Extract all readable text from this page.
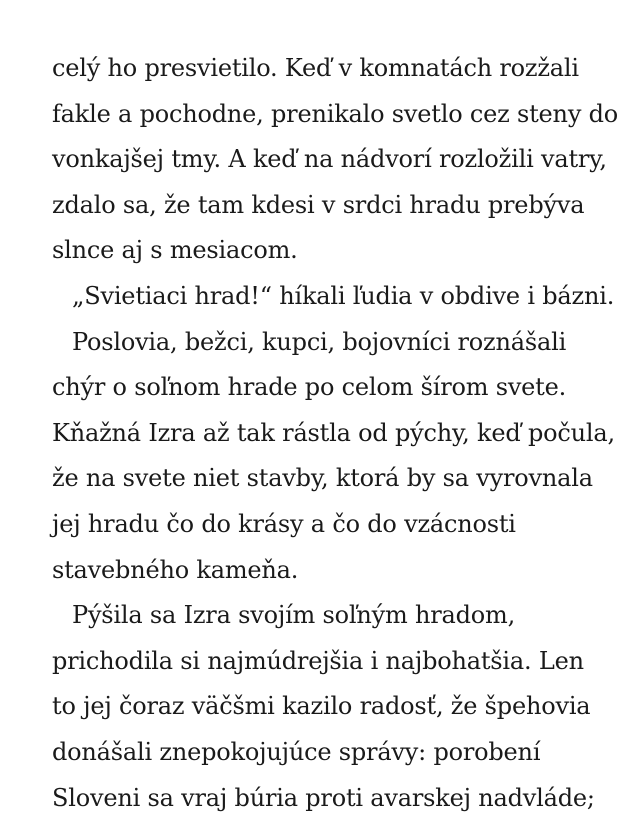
celý ho presvietilo. Keď v komnatách rozžali
fakle a pochodne, prenikalo svetlo cez steny do
vonkajšej tmy. A keď na nádvorí rozložili vatry,
zdalo sa, že tam kdesi v srdci hradu prebýva
slnce aj s mesiacom.
„Svietiaci hrad!“ híkali ľudia v obdive i bázni.
Poslovia, bežci, kupci, bojovníci roznášali
chýr o soľnom hrade po celom šírom svete.
Kňažná Izra až tak rástla od pýchy, keď počula,
že na svete niet stavby, ktorá by sa vyrovnala
jej hradu čo do krásy a čo do vzácnosti
stavebného kameňa.
Pýšila sa Izra svojím soľným hradom,
prichodila si najmúdrejšia i najbohatšia. Len
to jej čoraz väčšmi kazilo radosť, že špehovia
donášali znepokojujúce správy: porobení
Sloveni sa vraj búria proti avarskej nadvláde;
